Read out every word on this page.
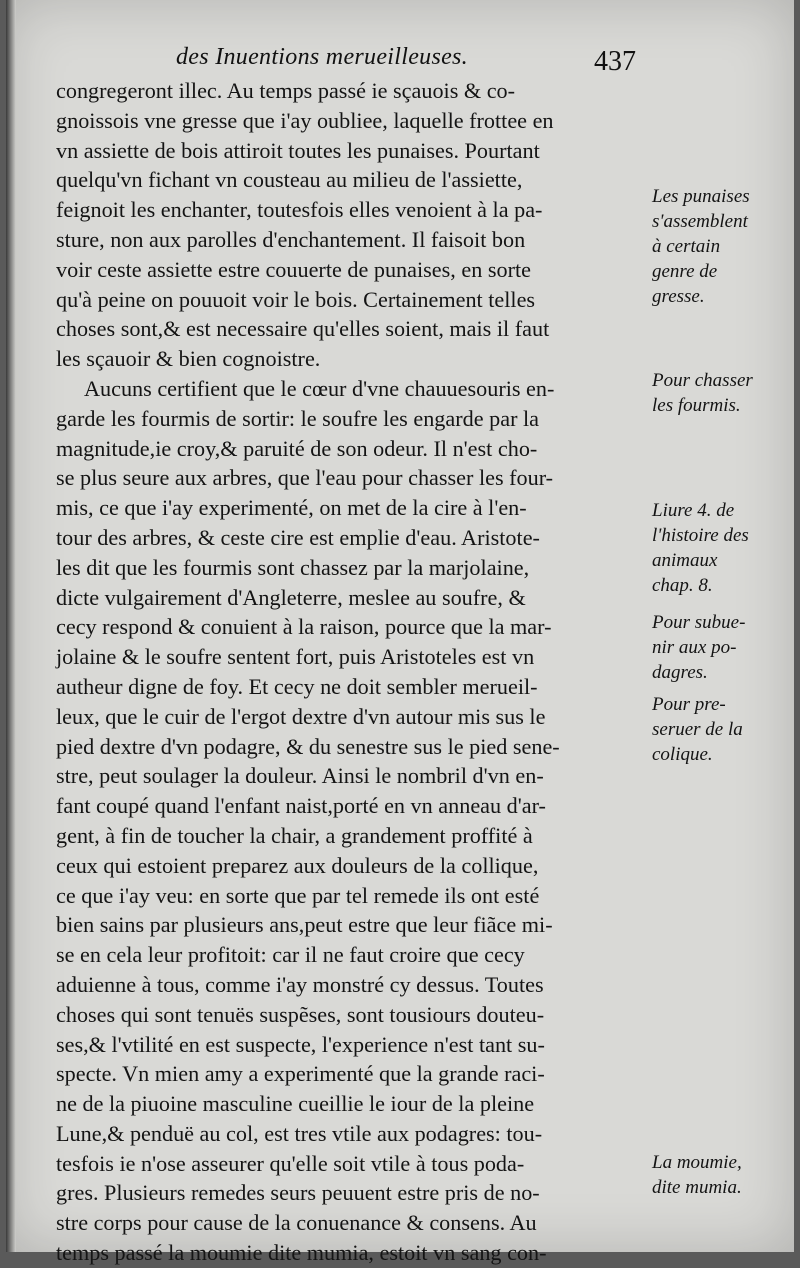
des Inuentions merueilleuses.	437
congregeront illec. Au temps passé ie sçauois & co-
gnoissois vne gresse que i'ay oubliee, laquelle frottee en
vn assiette de bois attiroit toutes les punaises. Pourtant
quelqu'vn fichant vn cousteau au milieu de l'assiette,
feignoit les enchanter, toutesfois elles venoient à la pa-
sture, non aux parolles d'enchantement. Il faisoit bon
voir ceste assiette estre couuerte de punaises, en sorte
qu'à peine on pouuoit voir le bois. Certainement telles
choses sont,& est necessaire qu'elles soient, mais il faut
les sçauoir & bien cognoistre.
Aucuns certifient que le cœur d'vne chauuesouris en-
garde les fourmis de sortir: le soufre les engarde par la
magnitude,ie croy,& paruité de son odeur. Il n'est cho-
se plus seure aux arbres, que l'eau pour chasser les four-
mis, ce que i'ay experimenté, on met de la cire à l'en-
tour des arbres, & ceste cire est emplie d'eau. Aristote-
les dit que les fourmis sont chassez par la marjolaine,
dicte vulgairement d'Angleterre, meslee au soufre, &
cecy respond & conuient à la raison, pource que la mar-
jolaine & le soufre sentent fort, puis Aristoteles est vn
autheur digne de foy. Et cecy ne doit sembler merueil-
leux, que le cuir de l'ergot dextre d'vn autour mis sus le
pied dextre d'vn podagre, & du senestre sus le pied sene-
stre, peut soulager la douleur. Ainsi le nombril d'vn en-
fant coupé quand l'enfant naist,porté en vn anneau d'ar-
gent, à fin de toucher la chair, a grandement proffité à
ceux qui estoient preparez aux douleurs de la collique,
ce que i'ay veu: en sorte que par tel remede ils ont esté
bien sains par plusieurs ans,peut estre que leur fiãce mi-
se en cela leur profitoit: car il ne faut croire que cecy
aduienne à tous, comme i'ay monstré cy dessus. Toutes
choses qui sont tenuës suspẽses, sont tousiours douteu-
ses,& l'vtilité en est suspecte, l'experience n'est tant su-
specte. Vn mien amy a experimenté que la grande raci-
ne de la piuoine masculine cueillie le iour de la pleine
Lune,& penduë au col, est tres vtile aux podagres: tou-
tesfois ie n'ose asseurer qu'elle soit vtile à tous poda-
gres. Plusieurs remedes seurs peuuent estre pris de no-
stre corps pour cause de la conuenance & consens. Au
temps passé la moumie dite mumia, estoit vn sang con-
Les punaises
s'assemblent
à certain
genre de
gresse.
Pour chasser
les fourmis.
Liure 4. de
l'histoire des
animaux
chap. 8.
Pour subue-
nir aux po-
dagres.
Pour pre-
seruer de la
colique.
La moumie,
dite mumia.
